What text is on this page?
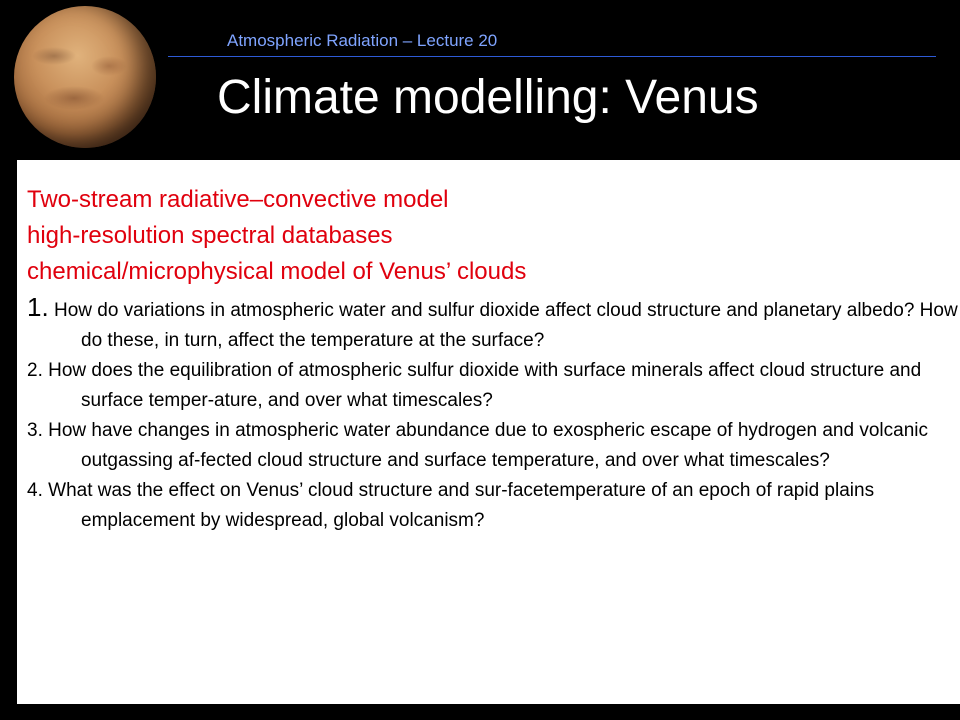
Atmospheric Radiation – Lecture 20
Climate modelling: Venus
Two-stream radiative–convective model
high-resolution spectral databases
chemical/microphysical model of Venus’ clouds
1. How do variations in atmospheric water and sulfur dioxide affect cloud structure and planetary albedo? How do these, in turn, affect the temperature at the surface?
2. How does the equilibration of atmospheric sulfur dioxide with surface minerals affect cloud structure and surface temper-ature, and over what timescales?
3. How have changes in atmospheric water abundance due to exospheric escape of hydrogen and volcanic outgassing af-fected cloud structure and surface temperature, and over what timescales?
4. What was the effect on Venus’ cloud structure and sur-facetemperature of an epoch of rapid plains emplacement by widespread, global volcanism?
